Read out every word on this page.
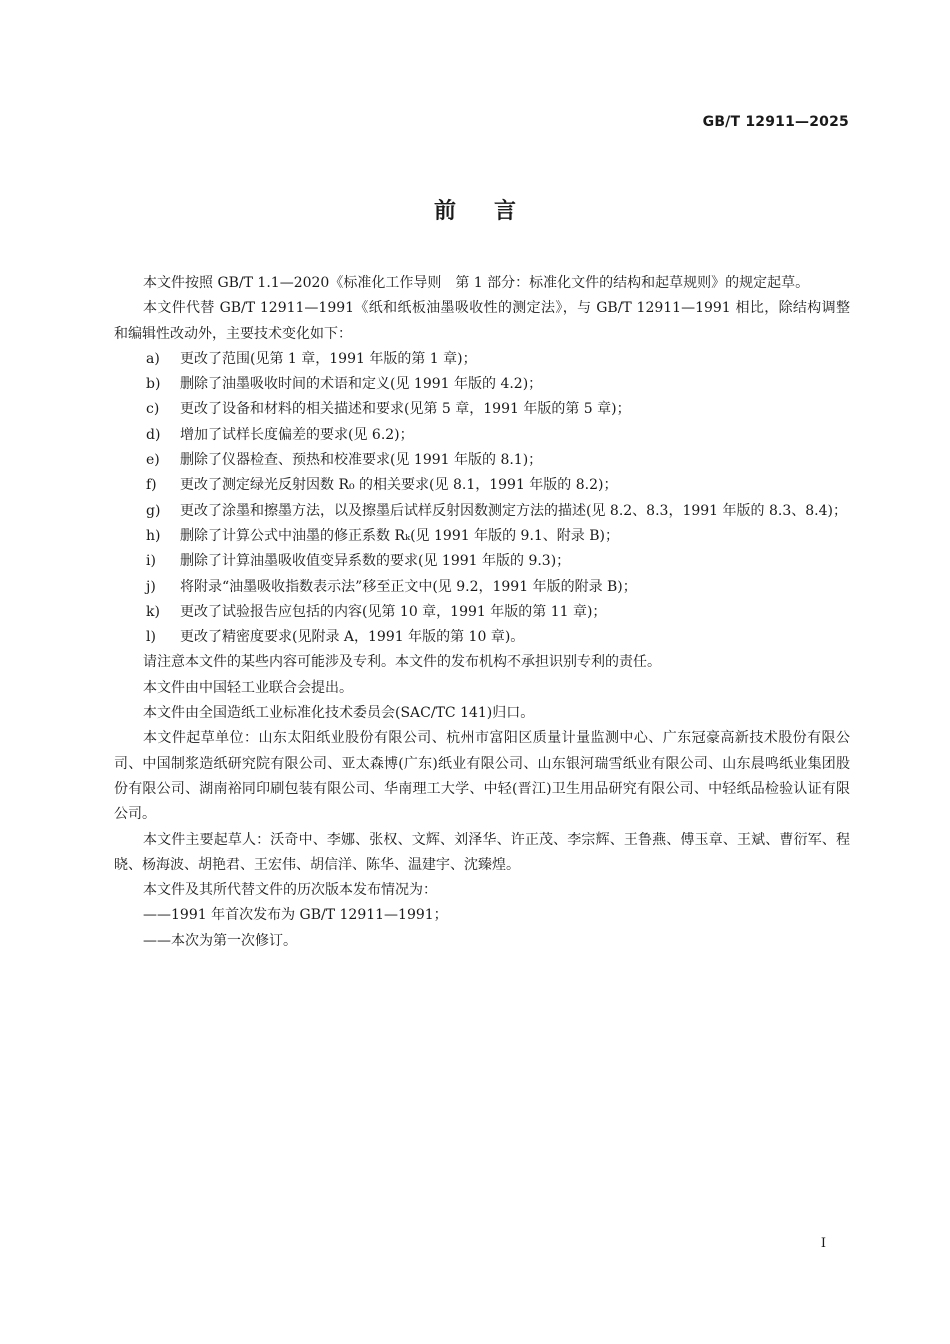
GB/T 12911—2025
前言

本文件按照 GB/T 1.1—2020《标准化工作导则　第 1 部分：标准化文件的结构和起草规则》的规定起草。

本文件代替 GB/T 12911—1991《纸和纸板油墨吸收性的测定法》，与 GB/T 12911—1991 相比，除结构调整和编辑性改动外，主要技术变化如下：

a)	更改了范围(见第 1 章，1991 年版的第 1 章)；
b)	删除了油墨吸收时间的术语和定义(见 1991 年版的 4.2)；
c)	更改了设备和材料的相关描述和要求(见第 5 章，1991 年版的第 5 章)；
d)	增加了试样长度偏差的要求(见 6.2)；
e)	删除了仪器检查、预热和校准要求(见 1991 年版的 8.1)；
f)	更改了测定绿光反射因数 R₀ 的相关要求(见 8.1，1991 年版的 8.2)；
g)	更改了涂墨和擦墨方法，以及擦墨后试样反射因数测定方法的描述(见 8.2、8.3，1991 年版的 8.3、8.4)；
h)	删除了计算公式中油墨的修正系数 Rₖ(见 1991 年版的 9.1、附录 B)；
i)	删除了计算油墨吸收值变异系数的要求(见 1991 年版的 9.3)；
j)	将附录“油墨吸收指数表示法”移至正文中(见 9.2，1991 年版的附录 B)；
k)	更改了试验报告应包括的内容(见第 10 章，1991 年版的第 11 章)；
l)	更改了精密度要求(见附录 A，1991 年版的第 10 章)。

请注意本文件的某些内容可能涉及专利。本文件的发布机构不承担识别专利的责任。

本文件由中国轻工业联合会提出。

本文件由全国造纸工业标准化技术委员会(SAC/TC 141)归口。

本文件起草单位：山东太阳纸业股份有限公司、杭州市富阳区质量计量监测中心、广东冠豪高新技术股份有限公司、中国制浆造纸研究院有限公司、亚太森博(广东)纸业有限公司、山东银河瑞雪纸业有限公司、山东晨鸣纸业集团股份有限公司、湖南裕同印刷包装有限公司、华南理工大学、中轻(晋江)卫生用品研究有限公司、中轻纸品检验认证有限公司。

本文件主要起草人：沃奇中、李娜、张权、文辉、刘泽华、许正茂、李宗辉、王鲁燕、傅玉章、王斌、曹衍军、程晓、杨海波、胡艳君、王宏伟、胡信洋、陈华、温建宇、沈臻煌。

本文件及其所代替文件的历次版本发布情况为：

——1991 年首次发布为 GB/T 12911—1991；

——本次为第一次修订。

I
